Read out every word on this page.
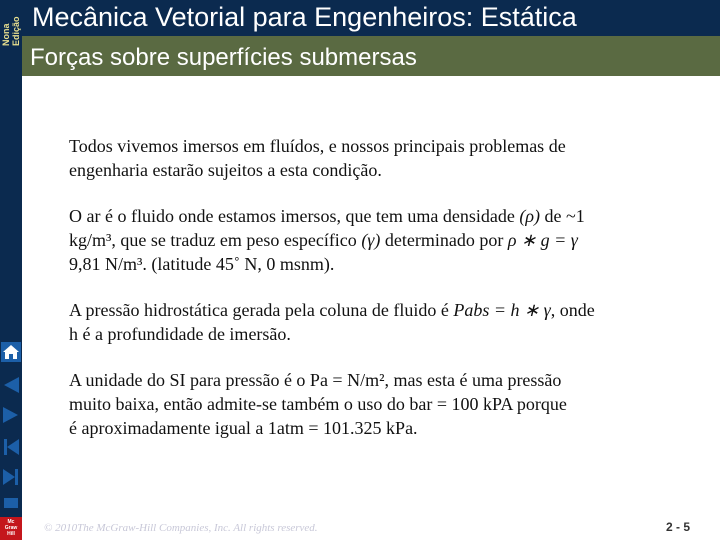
Nona Edição Mecânica Vetorial para Engenheiros: Estática
Forças sobre superfícies submersas
Mc
Graw
Hill

Todos vivemos imersos em fluídos, e nossos principais problemas de
engenharia estarão sujeitos a esta condição.

O ar é o fluido onde estamos imersos, que tem uma densidade (ρ) de ~1
kg/m³, que se traduz em peso específico (γ) determinado por ρ ∗ g = γ
9,81 N/m³. (latitude 45˚ N, 0 msnm).

A pressão hidrostática gerada pela coluna de fluido é Pabs = h ∗ γ, onde
h é a profundidade de imersão.

A unidade do SI para pressão é o Pa = N/m², mas esta é uma pressão
muito baixa, então admite-se também o uso do bar = 100 kPA porque
é aproximadamente igual a 1atm = 101.325 kPa.

© 2010The McGraw-Hill Companies, Inc. All rights reserved.	2 - 5
